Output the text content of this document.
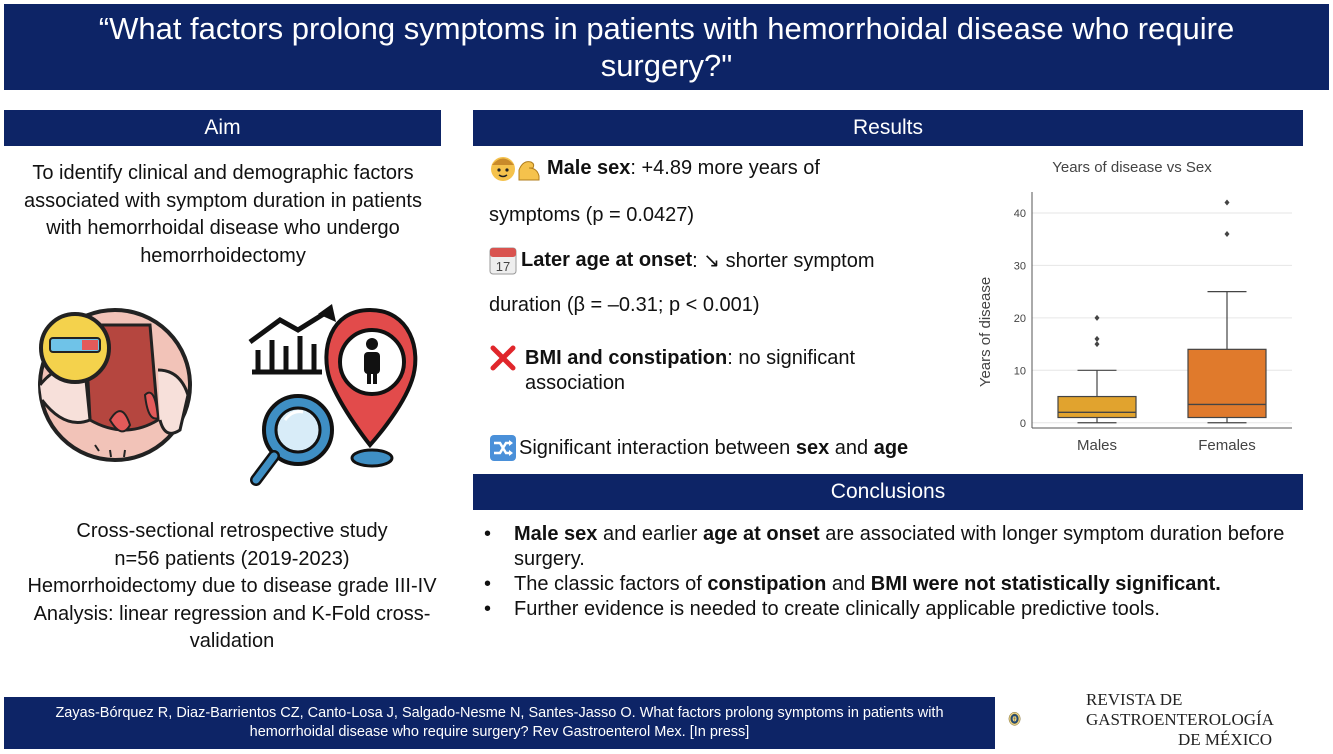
“What factors prolong symptoms in patients with hemorrhoidal disease who require surgery?"
Aim
To identify clinical and demographic factors associated with symptom duration in patients with hemorrhoidal disease who undergo hemorrhoidectomy
Cross-sectional retrospective study
n=56 patients (2019-2023)
Hemorrhoidectomy due to disease grade III-IV
Analysis: linear regression and K-Fold cross-validation
Results
Male sex : +4.89 more years of
symptoms (p = 0.0427)
17 Later age at onset : ↘ shorter symptom
duration (β = –0.31; p < 0.001)
BMI and constipation : no significant
association
Significant interaction between sex and age
Years of disease vs Sex
Years of disease
0
10
20
30
40
Males	Females
Conclusions
• Male sex and earlier age at onset are associated with longer symptom duration before surgery.
• The classic factors of constipation and BMI were not statistically significant.
• Further evidence is needed to create clinically applicable predictive tools.
Zayas-Bórquez R, Diaz-Barrientos CZ, Canto-Losa J, Salgado-Nesme N, Santes-Jasso O. What factors prolong symptoms in patients with hemorrhoidal disease who require surgery? Rev Gastroenterol Mex. [In press]
REVISTA DE
GASTROENTEROLOGÍA
DE MÉXICO
